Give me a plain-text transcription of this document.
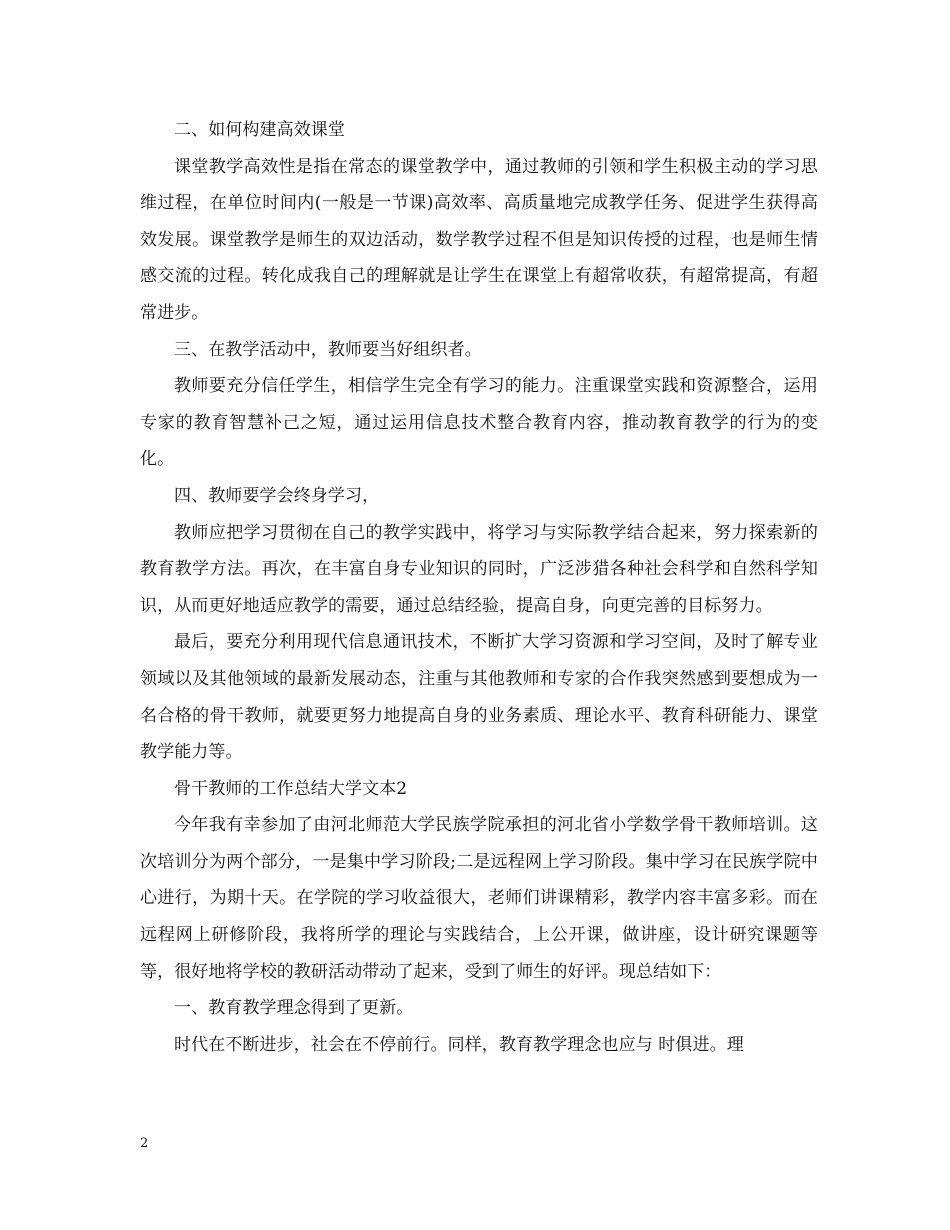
二、如何构建高效课堂

课堂教学高效性是指在常态的课堂教学中，通过教师的引领和学生积极主动的学习思维过程，在单位时间内(一般是一节课)高效率、高质量地完成教学任务、促进学生获得高效发展。课堂教学是师生的双边活动，数学教学过程不但是知识传授的过程，也是师生情感交流的过程。转化成我自己的理解就是让学生在课堂上有超常收获，有超常提高，有超常进步。

三、在教学活动中，教师要当好组织者。

教师要充分信任学生，相信学生完全有学习的能力。注重课堂实践和资源整合，运用专家的教育智慧补己之短，通过运用信息技术整合教育内容，推动教育教学的行为的变化。

四、教师要学会终身学习，

教师应把学习贯彻在自己的教学实践中，将学习与实际教学结合起来，努力探索新的教育教学方法。再次，在丰富自身专业知识的同时，广泛涉猎各种社会科学和自然科学知识，从而更好地适应教学的需要，通过总结经验，提高自身，向更完善的目标努力。

最后，要充分利用现代信息通讯技术，不断扩大学习资源和学习空间，及时了解专业领域以及其他领域的最新发展动态，注重与其他教师和专家的合作我突然感到要想成为一名合格的骨干教师，就要更努力地提高自身的业务素质、理论水平、教育科研能力、课堂教学能力等。

骨干教师的工作总结大学文本2

今年我有幸参加了由河北师范大学民族学院承担的河北省小学数学骨干教师培训。这次培训分为两个部分，一是集中学习阶段;二是远程网上学习阶段。集中学习在民族学院中心进行，为期十天。在学院的学习收益很大，老师们讲课精彩，教学内容丰富多彩。而在远程网上研修阶段，我将所学的理论与实践结合，上公开课，做讲座，设计研究课题等等，很好地将学校的教研活动带动了起来，受到了师生的好评。现总结如下：

一、教育教学理念得到了更新。

时代在不断进步，社会在不停前行。同样，教育教学理念也应与 时俱进。理

2
